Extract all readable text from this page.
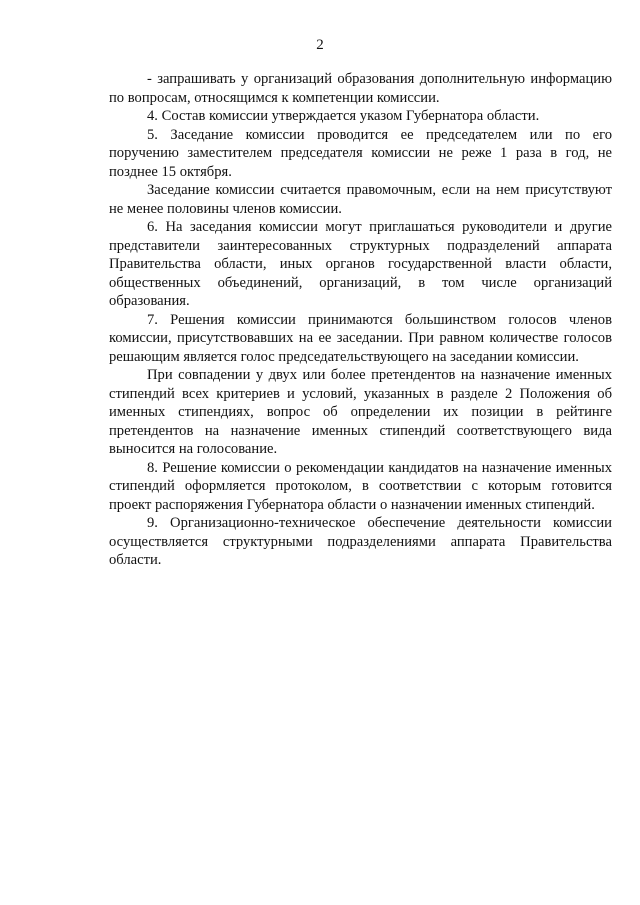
2

- запрашивать у организаций образования дополнительную информацию по вопросам, относящимся к компетенции комиссии.

4. Состав комиссии утверждается указом Губернатора области.

5. Заседание комиссии проводится ее председателем или по его поручению заместителем председателя комиссии не реже 1 раза в год, не позднее 15 октября.

Заседание комиссии считается правомочным, если на нем присутствуют не менее половины членов комиссии.

6. На заседания комиссии могут приглашаться руководители и другие представители заинтересованных структурных подразделений аппарата Правительства области, иных органов государственной власти области, общественных объединений, организаций, в том числе организаций образования.

7. Решения комиссии принимаются большинством голосов членов комиссии, присутствовавших на ее заседании. При равном количестве голосов решающим является голос председательствующего на заседании комиссии.

При совпадении у двух или более претендентов на назначение именных стипендий всех критериев и условий, указанных в разделе 2 Положения об именных стипендиях, вопрос об определении их позиции в рейтинге претендентов на назначение именных стипендий соответствующего вида выносится на голосование.

8. Решение комиссии о рекомендации кандидатов на назначение именных стипендий оформляется протоколом, в соответствии с которым готовится проект распоряжения Губернатора области о назначении именных стипендий.

9. Организационно-техническое обеспечение деятельности комиссии осуществляется структурными подразделениями аппарата Правительства области.
